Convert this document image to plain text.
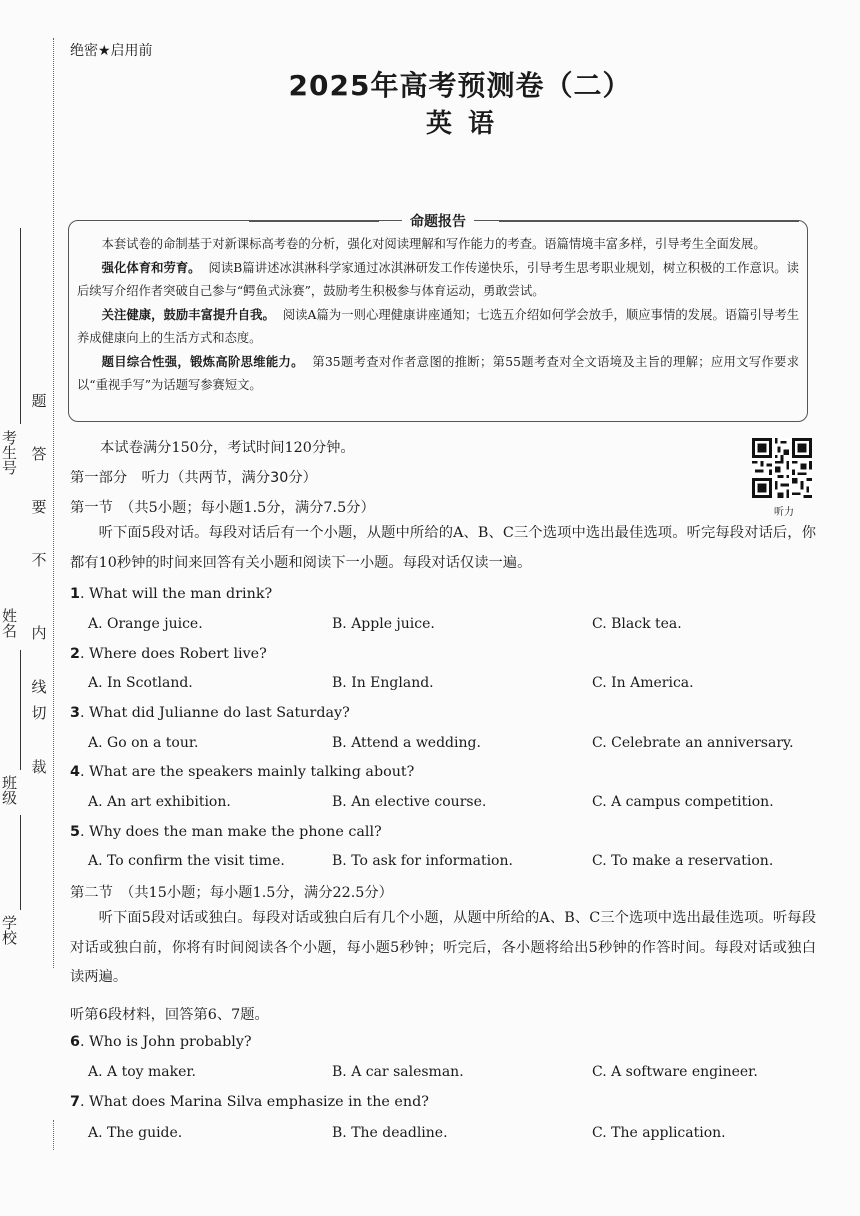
考生号
姓名
班级
学校
题
答
要
不
内
线
切
裁
绝密★启用前
2025年高考预测卷（二）
英语
命题报告

本套试卷的命制基于对新课标高考卷的分析，强化对阅读理解和写作能力的考查。语篇情境丰富多样，引导考生全面发展。

强化体育和劳育。 阅读B篇讲述冰淇淋科学家通过冰淇淋研发工作传递快乐，引导考生思考职业规划，树立积极的工作意识。读后续写介绍作者突破自己参与“鳄鱼式泳赛”，鼓励考生积极参与体育运动，勇敢尝试。

关注健康，鼓励丰富提升自我。 阅读A篇为一则心理健康讲座通知；七选五介绍如何学会放手，顺应事情的发展。语篇引导考生养成健康向上的生活方式和态度。

题目综合性强，锻炼高阶思维能力。 第35题考查对作者意图的推断；第55题考查对全文语境及主旨的理解；应用文写作要求以“重视手写”为话题写参赛短文。

本试卷满分150分，考试时间120分钟。
听力
第一部分　听力（共两节，满分30分）
第一节　（共5小题；每小题1.5分，满分7.5分）
听下面5段对话。每段对话后有一个小题，从题中所给的A、B、C三个选项中选出最佳选项。听完每段对话后，你都有10秒钟的时间来回答有关小题和阅读下一小题。每段对话仅读一遍。
1. What will the man drink?
A. Orange juice.	B. Apple juice.	C. Black tea.
2. Where does Robert live?
A. In Scotland.	B. In England.	C. In America.
3. What did Julianne do last Saturday?
A. Go on a tour.	B. Attend a wedding.	C. Celebrate an anniversary.
4. What are the speakers mainly talking about?
A. An art exhibition.	B. An elective course.	C. A campus competition.
5. Why does the man make the phone call?
A. To confirm the visit time.	B. To ask for information.	C. To make a reservation.
第二节　（共15小题；每小题1.5分，满分22.5分）
听下面5段对话或独白。每段对话或独白后有几个小题，从题中所给的A、B、C三个选项中选出最佳选项。听每段对话或独白前，你将有时间阅读各个小题，每小题5秒钟；听完后，各小题将给出5秒钟的作答时间。每段对话或独白读两遍。
听第6段材料，回答第6、7题。
6. Who is John probably?
A. A toy maker.	B. A car salesman.	C. A software engineer.
7. What does Marina Silva emphasize in the end?
A. The guide.	B. The deadline.	C. The application.
